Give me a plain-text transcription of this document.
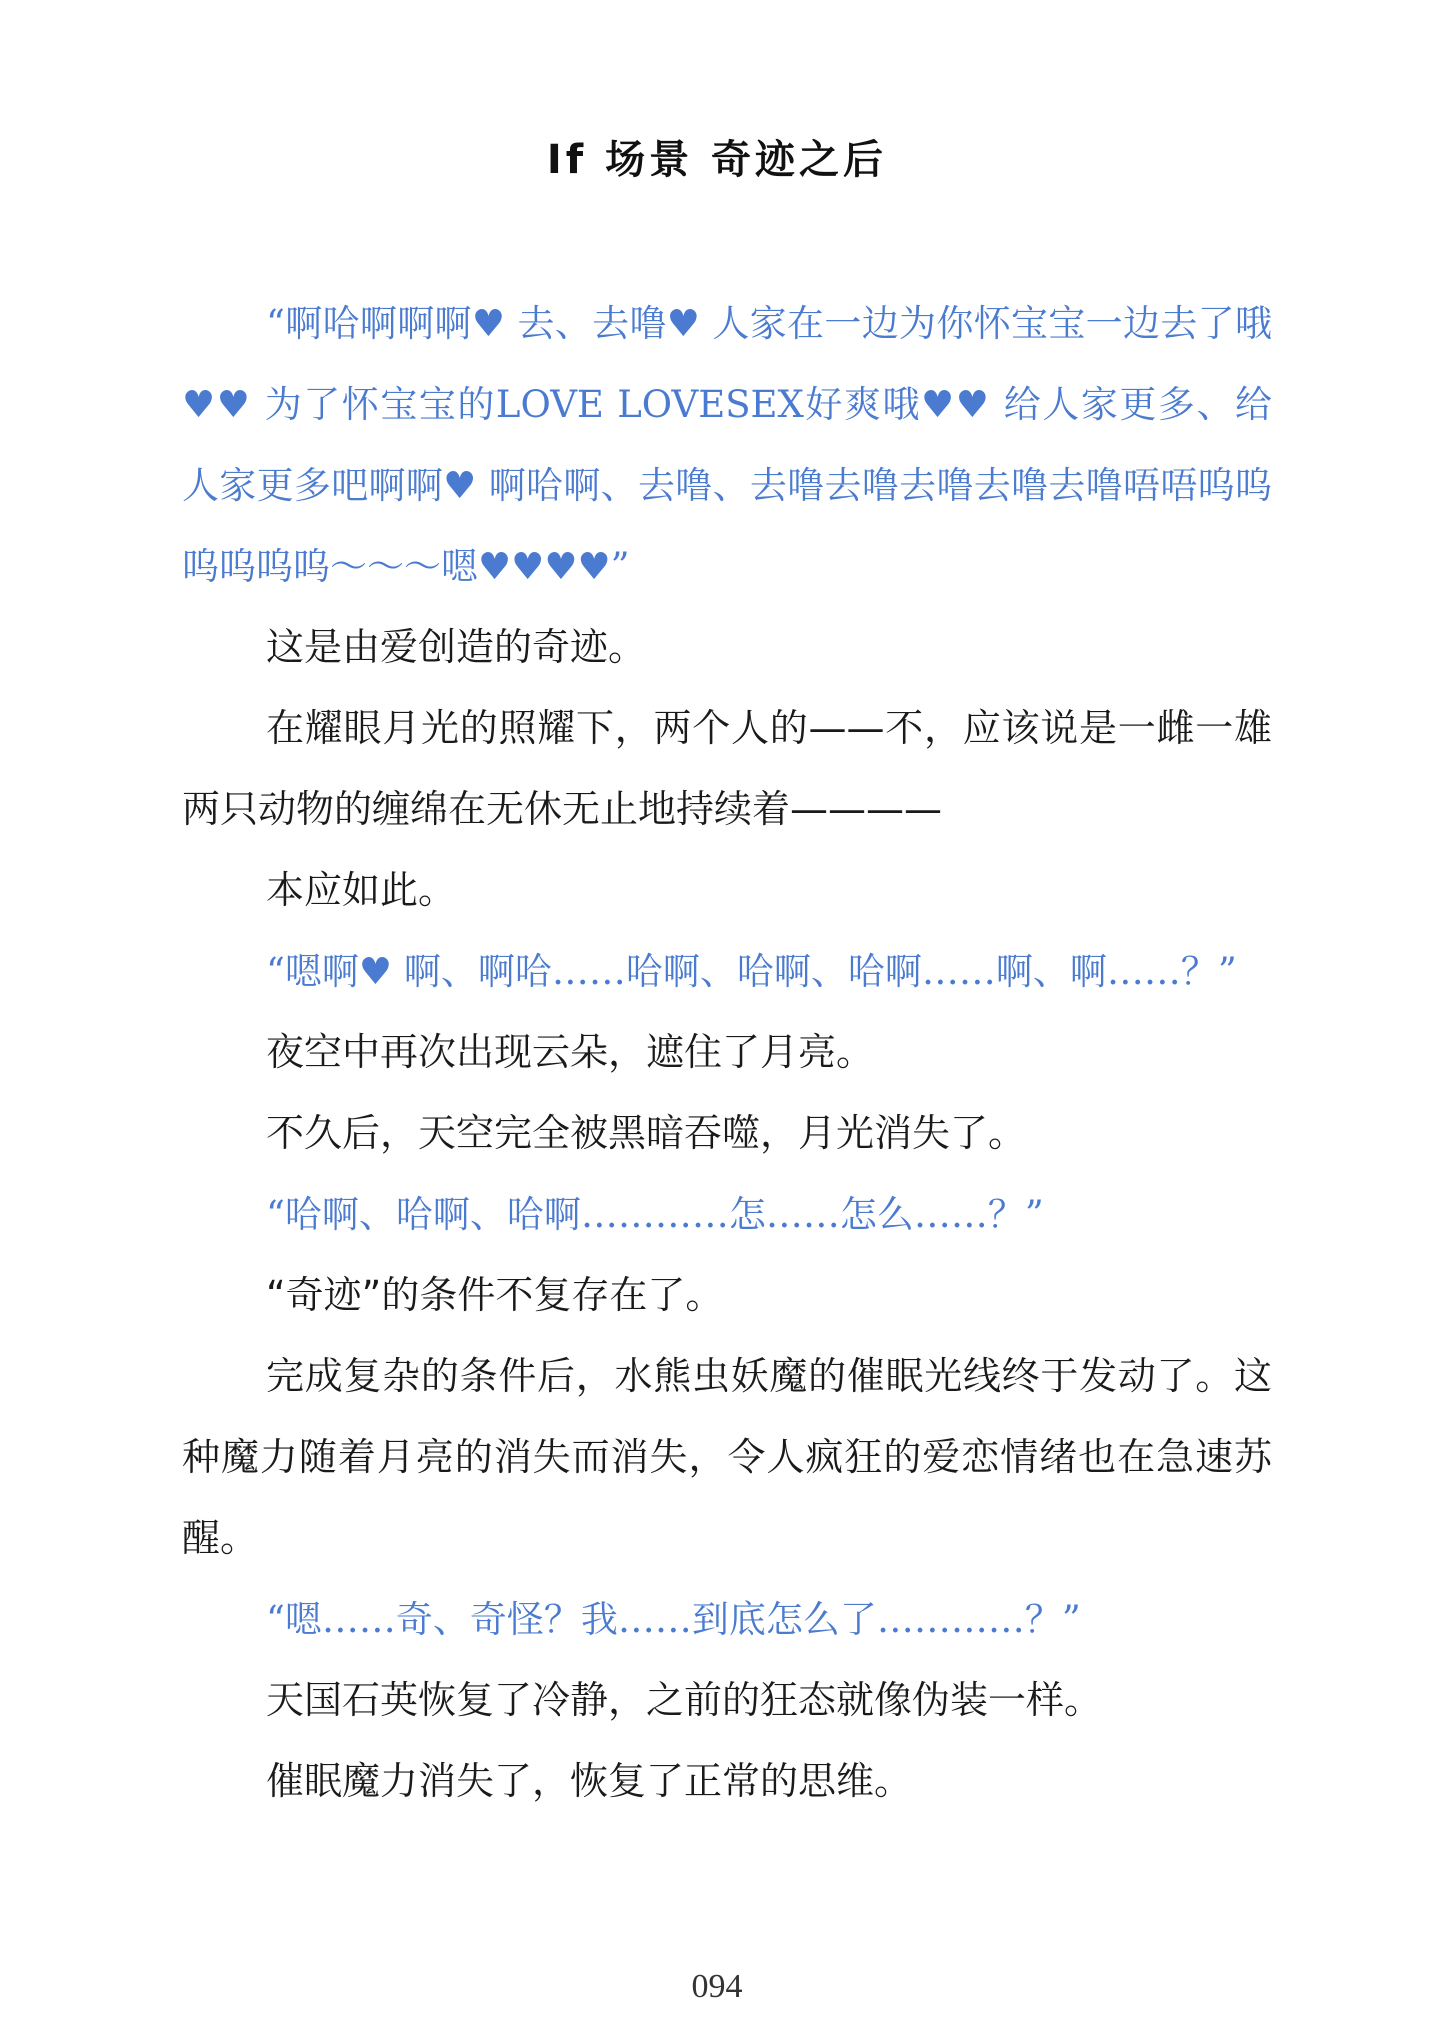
If 场景 奇迹之后

“啊哈啊啊啊♥ 去、去噜♥ 人家在一边为你怀宝宝一边去了哦♥♥ 为了怀宝宝的LOVE LOVESEX好爽哦♥♥ 给人家更多、给人家更多吧啊啊♥ 啊哈啊、去噜、去噜去噜去噜去噜去噜唔唔呜呜呜呜呜呜～～～嗯♥♥♥♥”

这是由爱创造的奇迹。

在耀眼月光的照耀下，两个人的——不，应该说是一雌一雄两只动物的缠绵在无休无止地持续着————

本应如此。

“嗯啊♥ 啊、啊哈……哈啊、哈啊、哈啊……啊、啊……？”

夜空中再次出现云朵，遮住了月亮。

不久后，天空完全被黑暗吞噬，月光消失了。

“哈啊、哈啊、哈啊…………怎……怎么……？”

“奇迹”的条件不复存在了。

完成复杂的条件后，水熊虫妖魔的催眠光线终于发动了。这种魔力随着月亮的消失而消失，令人疯狂的爱恋情绪也在急速苏醒。

“嗯……奇、奇怪？我……到底怎么了…………？”

天国石英恢复了冷静，之前的狂态就像伪装一样。

催眠魔力消失了，恢复了正常的思维。

094
